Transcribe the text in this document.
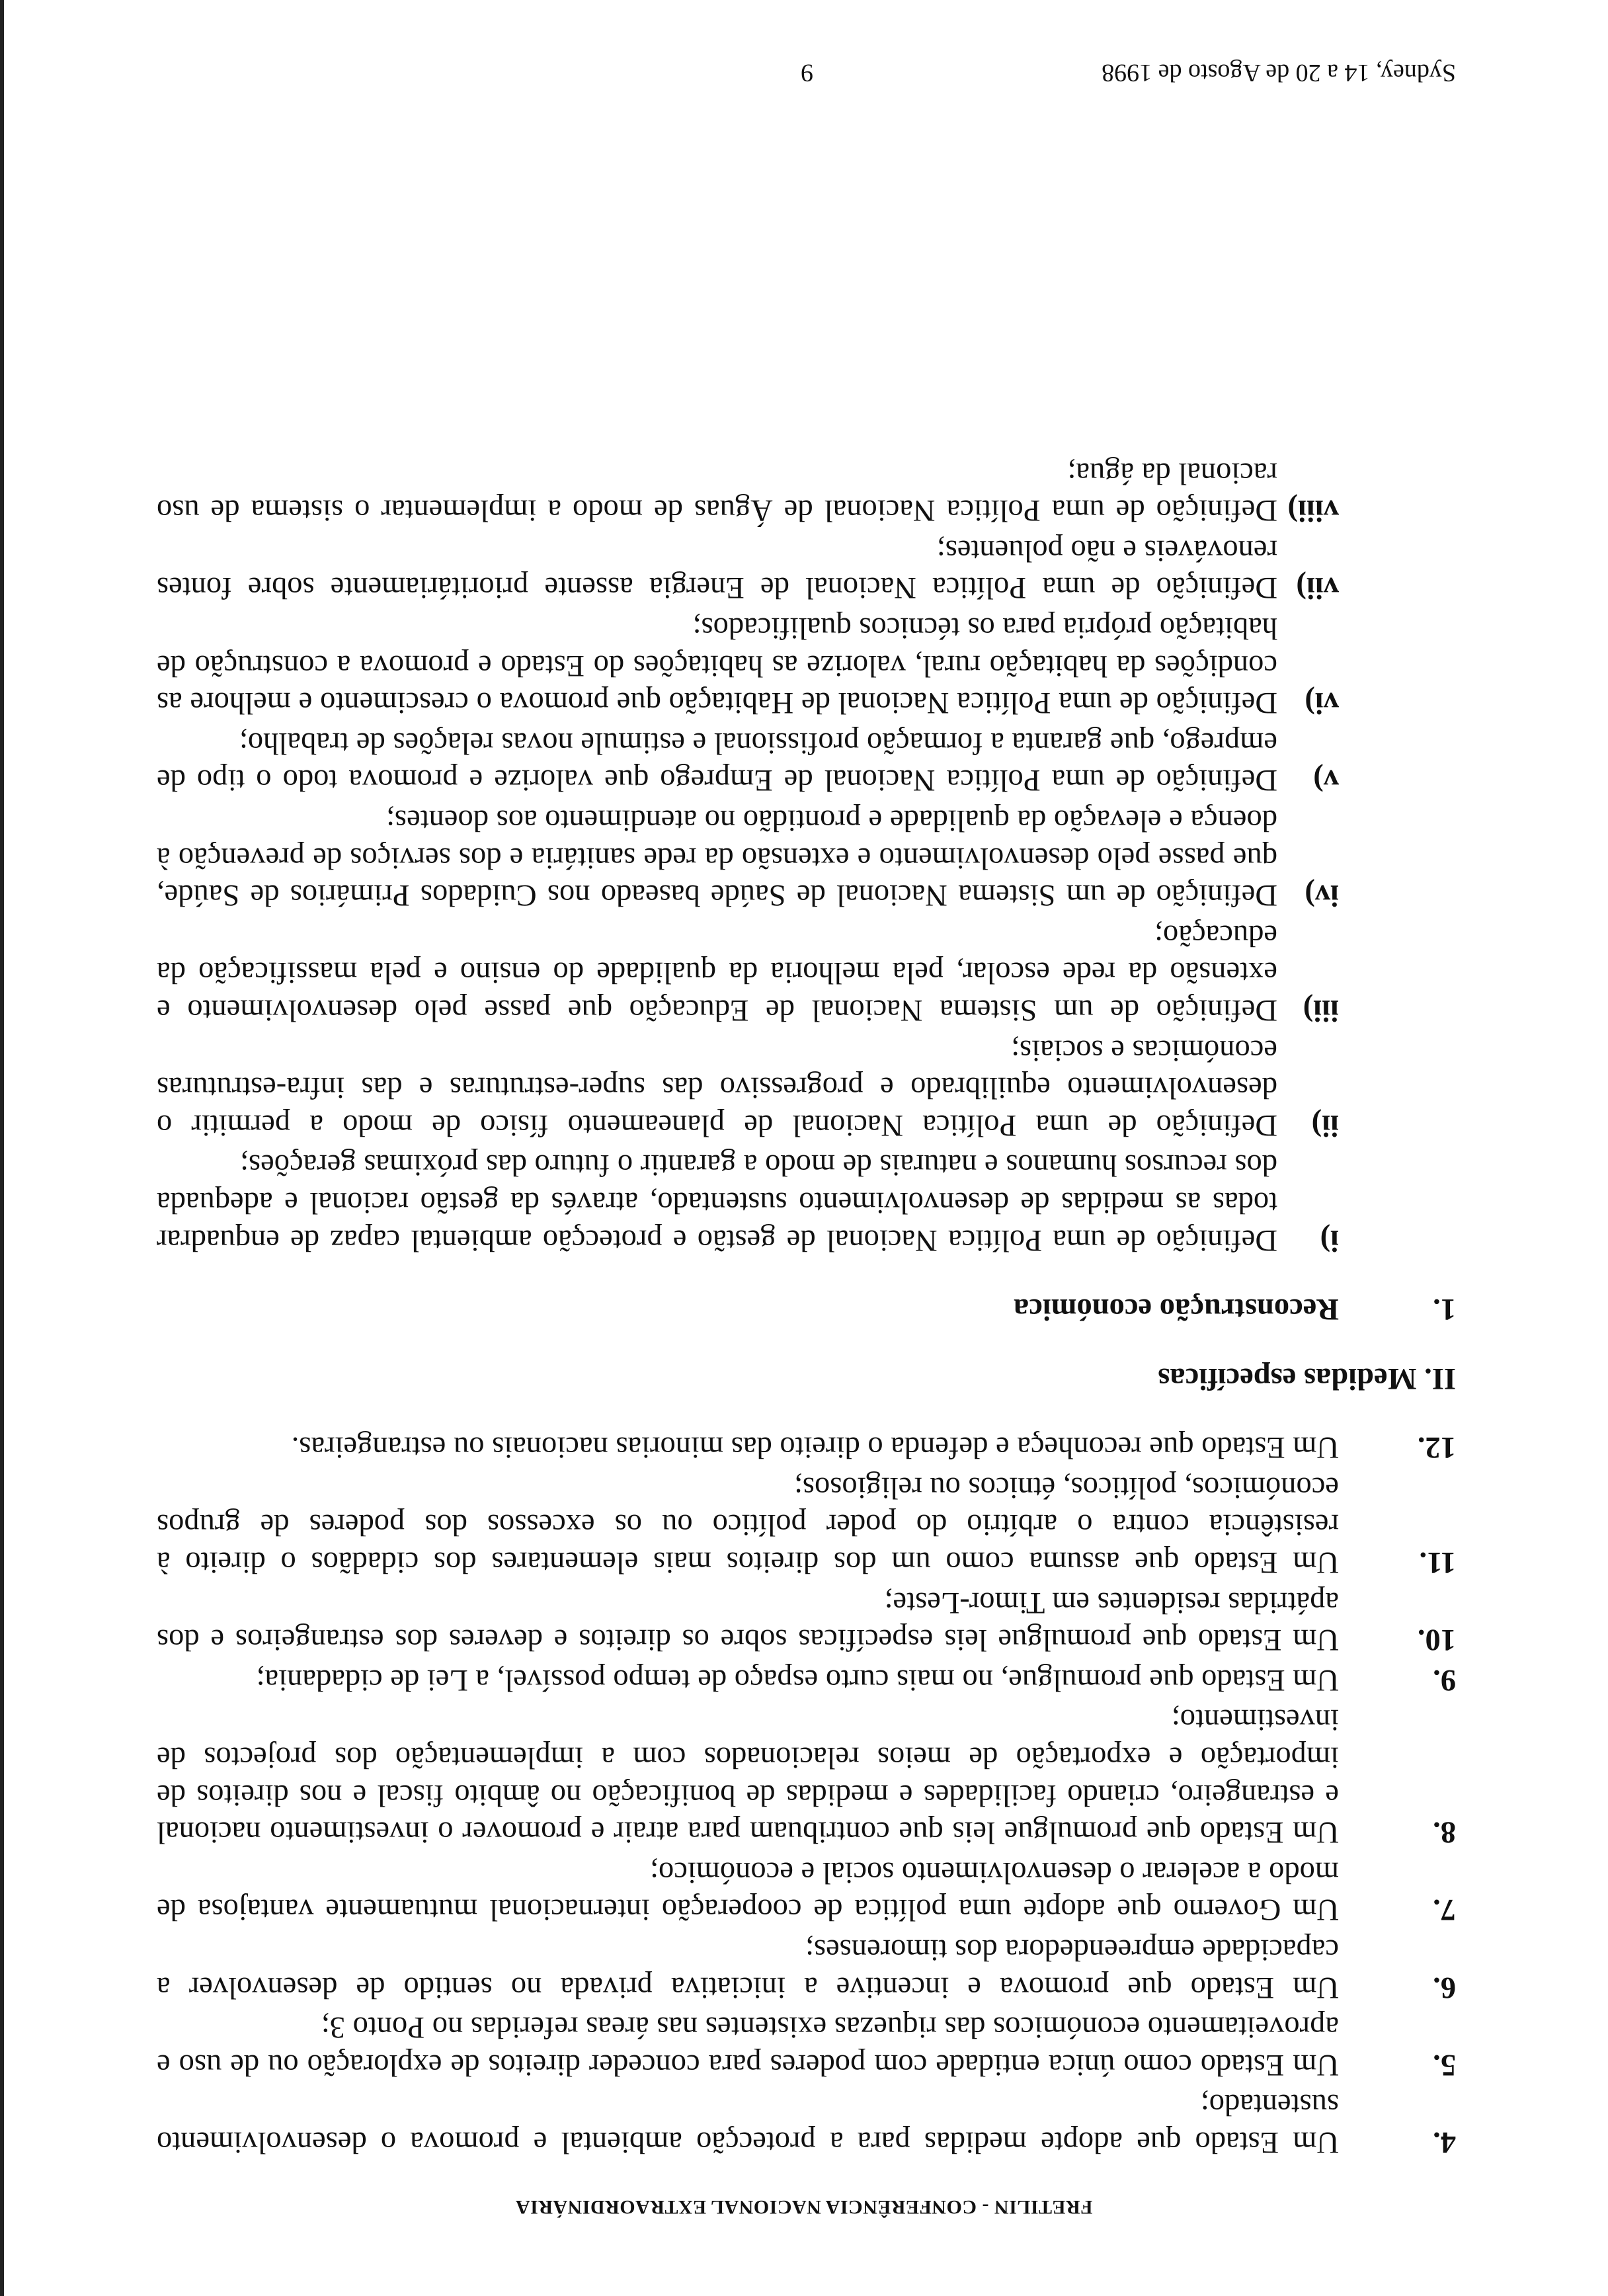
FRETILIN - CONFERÊNCIA NACIONAL EXTRAORDINÁRIA
4.
Um Estado que adopte medidas para a protecção ambiental e promova o desenvolvimento sustentado;
5.
Um Estado como única entidade com poderes para conceder direitos de exploração ou de uso e aproveitamento económicos das riquezas existentes nas áreas referidas no Ponto 3;
6.
Um Estado que promova e incentive a iniciativa privada no sentido de desenvolver a capacidade empreendedora dos timorenses;
7.
Um Governo que adopte uma política de cooperação internacional mutuamente vantajosa de modo a acelerar o desenvolvimento social e económico;
8.
Um Estado que promulgue leis que contribuam para atrair e promover o investimento nacional e estrangeiro, criando facilidades e medidas de bonificação no âmbito fiscal e nos direitos de importação e exportação de meios relacionados com a implementação dos projectos de investimento;
9.
Um Estado que promulgue, no mais curto espaço de tempo possível, a Lei de cidadania;
10.
Um Estado que promulgue leis específicas sobre os direitos e deveres dos estrangeiros e dos apátridas residentes em Timor-Leste;
11.
Um Estado que assuma como um dos direitos mais elementares dos cidadãos o direito à resistência contra o arbítrio do poder político ou os excessos dos poderes de grupos económicos, políticos, étnicos ou religiosos;
12.
Um Estado que reconheça e defenda o direito das minorias nacionais ou estrangeiras.
II. Medidas específicas
1.
Reconstrução económica
i)
Definição de uma Política Nacional de gestão e protecção ambiental capaz de enquadrar todas as medidas de desenvolvimento sustentado, através da gestão racional e adequada dos recursos humanos e naturais de modo a garantir o futuro das próximas gerações;
ii)
Definição de uma Política Nacional de planeamento físico de modo a permitir o desenvolvimento equilibrado e progressivo das super-estruturas e das infra-estruturas económicas e sociais;
iii)
Definição de um Sistema Nacional de Educação que passe pelo desenvolvimento e extensão da rede escolar, pela melhoria da qualidade do ensino e pela massificação da educação;
iv)
Definição de um Sistema Nacional de Saúde baseado nos Cuidados Primários de Saúde, que passe pelo desenvolvimento e extensão da rede sanitária e dos serviços de prevenção à doença e elevação da qualidade e prontidão no atendimento aos doentes;
v)
Definição de uma Política Nacional de Emprego que valorize e promova todo o tipo de emprego, que garanta a formação profissional e estimule novas relações de trabalho;
vi)
Definição de uma Política Nacional de Habitação que promova o crescimento e melhore as condições da habitação rural, valorize as habitações do Estado e promova a construção de habitação própria para os técnicos qualificados;
vii)
Definição de uma Política Nacional de Energia assente prioritáriamente sobre fontes renováveis e não poluentes;
viii)
Definição de uma Política Nacional de Águas de modo a implementar o sistema de uso racional da água;
Sydney, 14 a 20 de Agosto de 1998
9
